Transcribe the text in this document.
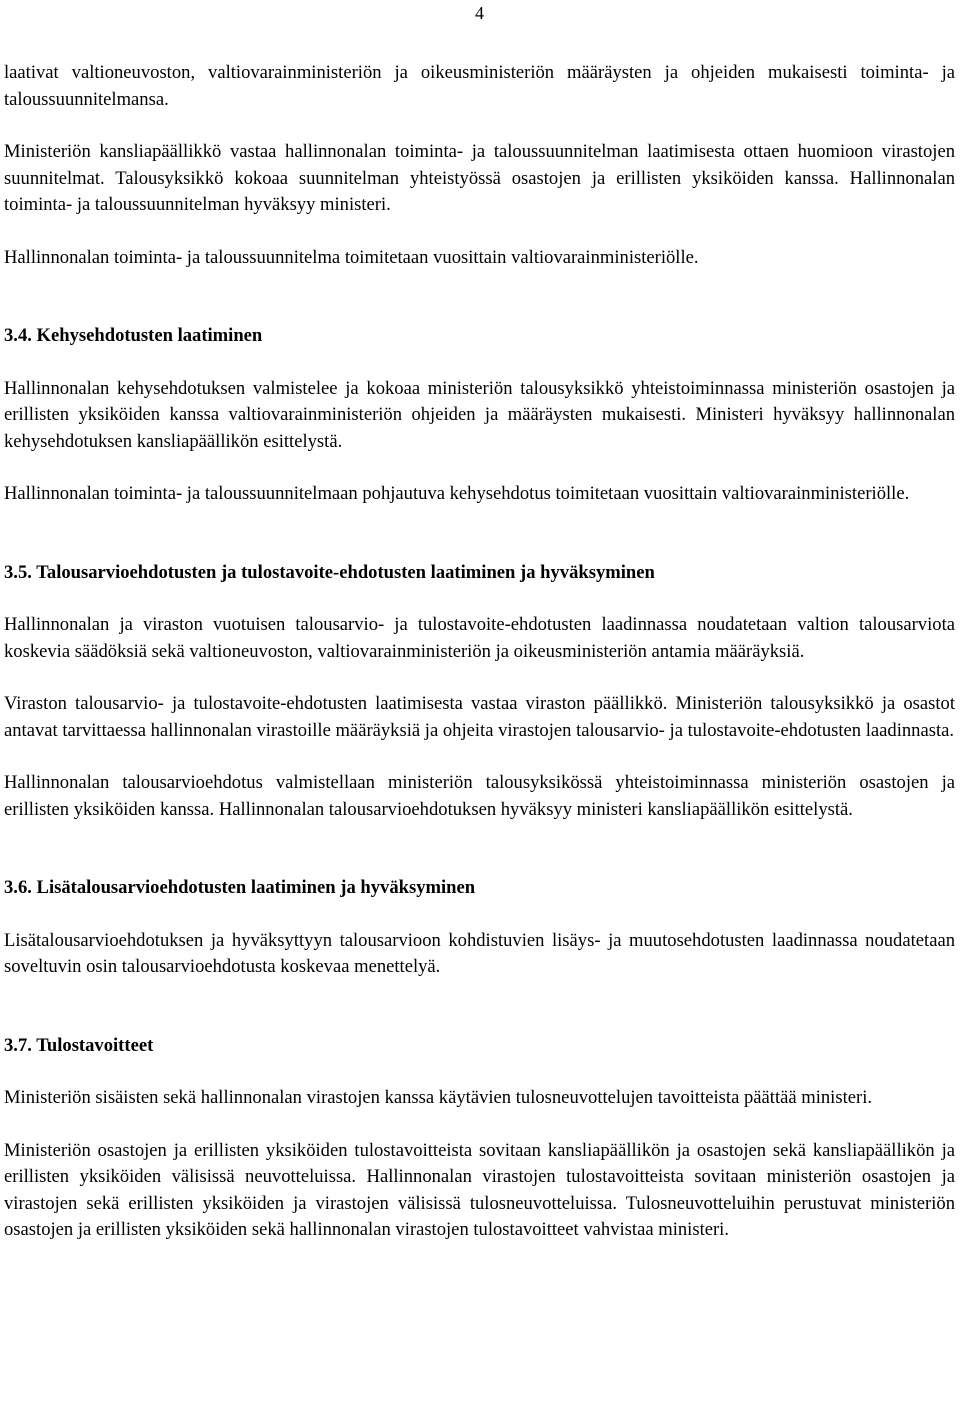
4

laativat valtioneuvoston, valtiovarainministeriön ja oikeusministeriön määräysten ja ohjeiden mukaisesti toiminta- ja taloussuunnitelmansa.

Ministeriön kansliapäällikkö vastaa hallinnonalan toiminta- ja taloussuunnitelman laatimisesta ottaen huomioon virastojen suunnitelmat. Talousyksikkö kokoaa suunnitelman yhteistyössä osastojen ja erillisten yksiköiden kanssa. Hallinnonalan toiminta- ja taloussuunnitelman hyväksyy ministeri.

Hallinnonalan toiminta- ja taloussuunnitelma toimitetaan vuosittain valtiovarainministeriölle.

3.4. Kehysehdotusten laatiminen

Hallinnonalan kehysehdotuksen valmistelee ja kokoaa ministeriön talousyksikkö yhteistoiminnassa ministeriön osastojen ja erillisten yksiköiden kanssa valtiovarainministeriön ohjeiden ja määräysten mukaisesti. Ministeri hyväksyy hallinnonalan kehysehdotuksen kansliapäällikön esittelystä.

Hallinnonalan toiminta- ja taloussuunnitelmaan pohjautuva kehysehdotus toimitetaan vuosittain valtiovarainministeriölle.

3.5. Talousarvioehdotusten ja tulostavoite-ehdotusten laatiminen ja hyväksyminen

Hallinnonalan ja viraston vuotuisen talousarvio- ja tulostavoite-ehdotusten laadinnassa noudatetaan valtion talousarviota koskevia säädöksiä sekä valtioneuvoston, valtiovarainministeriön ja oikeusministeriön antamia määräyksiä.

Viraston talousarvio- ja tulostavoite-ehdotusten laatimisesta vastaa viraston päällikkö. Ministeriön talousyksikkö ja osastot antavat tarvittaessa hallinnonalan virastoille määräyksiä ja ohjeita virastojen talousarvio- ja tulostavoite-ehdotusten laadinnasta.

Hallinnonalan talousarvioehdotus valmistellaan ministeriön talousyksikössä yhteistoiminnassa ministeriön osastojen ja erillisten yksiköiden kanssa. Hallinnonalan talousarvioehdotuksen hyväksyy ministeri kansliapäällikön esittelystä.

3.6. Lisätalousarvioehdotusten laatiminen ja hyväksyminen

Lisätalousarvioehdotuksen ja hyväksyttyyn talousarvioon kohdistuvien lisäys- ja muutosehdotusten laadinnassa noudatetaan soveltuvin osin talousarvioehdotusta koskevaa menettelyä.

3.7. Tulostavoitteet

Ministeriön sisäisten sekä hallinnonalan virastojen kanssa käytävien tulosneuvottelujen tavoitteista päättää ministeri.

Ministeriön osastojen ja erillisten yksiköiden tulostavoitteista sovitaan kansliapäällikön ja osastojen sekä kansliapäällikön ja erillisten yksiköiden välisissä neuvotteluissa. Hallinnonalan virastojen tulostavoitteista sovitaan ministeriön osastojen ja virastojen sekä erillisten yksiköiden ja virastojen välisissä tulosneuvotteluissa. Tulosneuvotteluihin perustuvat ministeriön osastojen ja erillisten yksiköiden sekä hallinnonalan virastojen tulostavoitteet vahvistaa ministeri.
